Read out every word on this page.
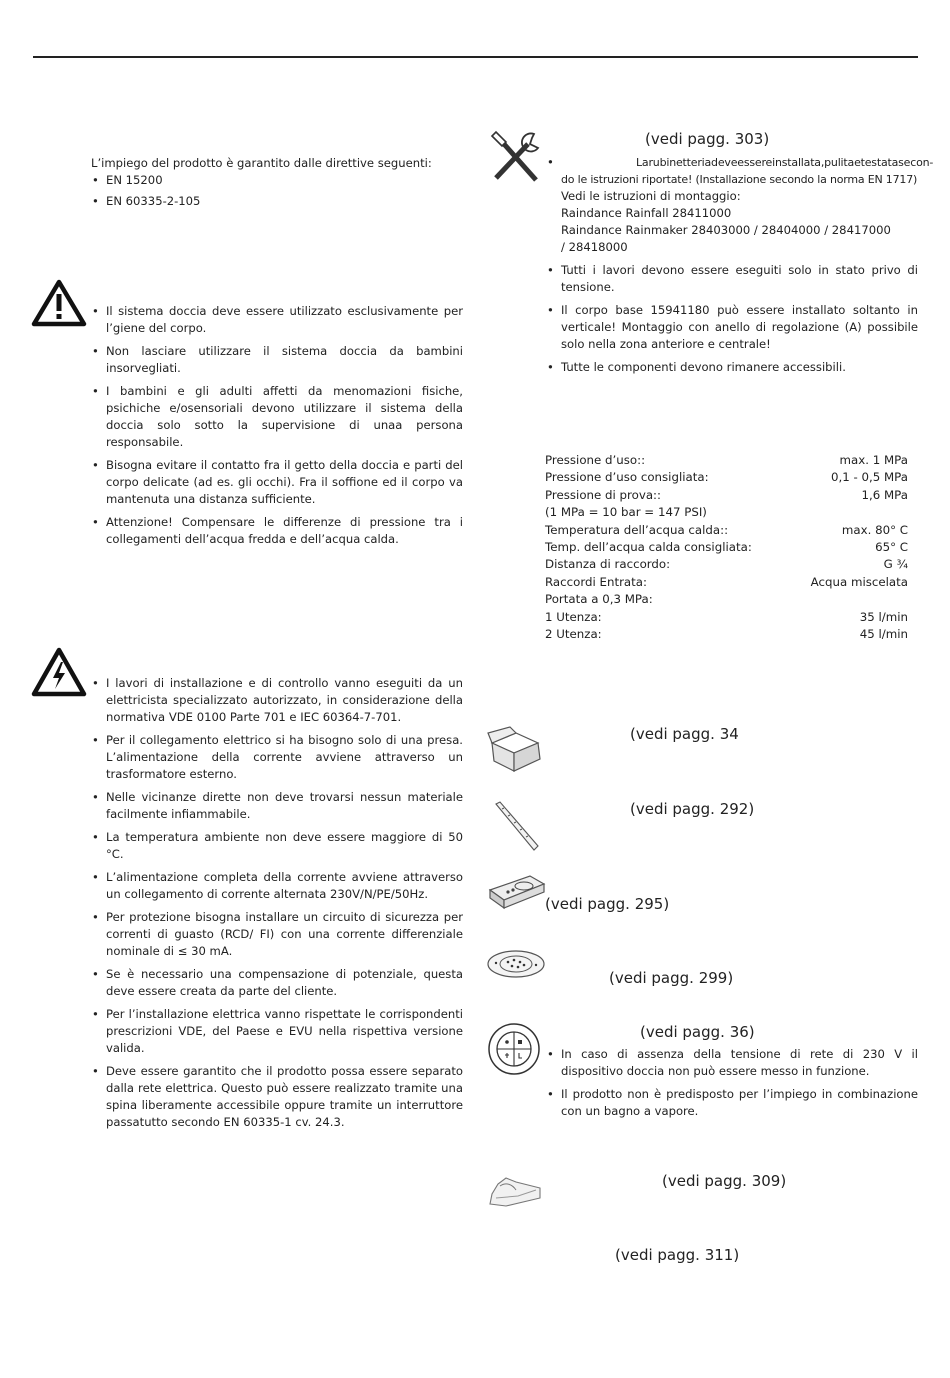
L’impiego del prodotto è garantito dalle direttive seguenti:
• EN 15200
• EN 60335-2-105
• Il sistema doccia deve essere utilizzato esclusivamente per l’giene del corpo.
• Non lasciare utilizzare il sistema doccia da bambini insorvegliati.
• I bambini e gli adulti affetti da menomazioni fisiche, psichiche e/osensoriali devono utilizzare il sistema della doccia solo sotto la supervisione di unaa persona responsabile.
• Bisogna evitare il contatto fra il getto della doccia e parti del corpo delicate (ad es. gli occhi). Fra il soffione ed il corpo va mantenuta una distanza sufficiente.
• Attenzione! Compensare le differenze di pressione tra i collegamenti dell’acqua fredda e dell’acqua calda.
• I lavori di installazione e di controllo vanno eseguiti da un elettricista specializzato autorizzato, in considerazione della normativa VDE 0100 Parte 701 e IEC 60364-7-701.
• Per il collegamento elettrico si ha bisogno solo di una presa. L’alimentazione della corrente avviene attraverso un trasformatore esterno.
• Nelle vicinanze dirette non deve trovarsi nessun materiale facilmente infiammabile.
• La temperatura ambiente non deve essere maggiore di 50 °C.
• L’alimentazione completa della corrente avviene attraverso un collegamento di corrente alternata 230V/N/PE/50Hz.
• Per protezione bisogna installare un circuito di sicurezza per correnti di guasto (RCD/ FI) con una corrente differenziale nominale di ≤ 30 mA.
• Se è necessario una compensazione di potenziale, questa deve essere creata da parte del cliente.
• Per l’installazione elettrica vanno rispettate le corrispondenti prescrizioni VDE, del Paese e EVU nella rispettiva versione valida.
• Deve essere garantito che il prodotto possa essere separato dalla rete elettrica. Questo può essere realizzato tramite una spina liberamente accessibile oppure tramite un interruttore passatutto secondo EN 60335-1 cv. 24.3.
(vedi pagg. 303)
• Larubinetteriadeveessereinstallata,pulitaetestatasecon-
do le istruzioni riportate! (Installazione secondo la norma EN 1717)
Vedi le istruzioni di montaggio:
Raindance Rainfall 28411000
Raindance Rainmaker 28403000 / 28404000 / 28417000
/ 28418000
• Tutti i lavori devono essere eseguiti solo in stato privo di tensione.
• Il corpo base 15941180 può essere installato soltanto in verticale! Montaggio con anello di regolazione (A) possibile solo nella zona anteriore e centrale!
• Tutte le componenti devono rimanere accessibili.
Pressione d’uso::	max. 1 MPa
Pressione d’uso consigliata:	0,1 - 0,5 MPa
Pressione di prova::	1,6 MPa
(1 MPa = 10 bar = 147 PSI)
Temperatura dell’acqua calda::	max. 80° C
Temp. dell’acqua calda consigliata:	65° C
Distanza di raccordo:	G ¾
Raccordi Entrata:	Acqua miscelata
Portata a 0,3 MPa:
1 Utenza:	35 l/min
2 Utenza:	45 l/min
(vedi pagg. 34
(vedi pagg. 292)
(vedi pagg. 295)
(vedi pagg. 299)
(vedi pagg. 36)
• In caso di assenza della tensione di rete di 230 V il dispositivo doccia non può essere messo in funzione.
• Il prodotto non è predisposto per l’impiego in combinazione con un bagno a vapore.
(vedi pagg. 309)
(vedi pagg. 311)
